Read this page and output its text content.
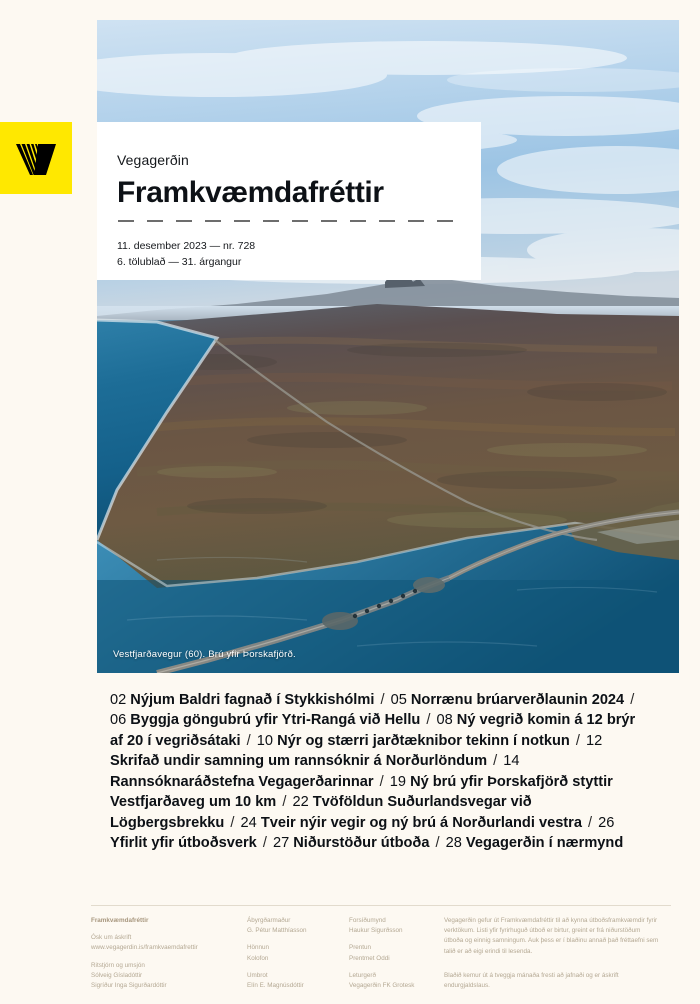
Vestfjarðavegur (60). Brú yfir Þorskafjörð.
Vegagerðin
Framkvæmdafréttir
11. desember 2023 — nr. 728
6. tölublað — 31. árgangur
02 Nýjum Baldri fagnað í Stykkishólmi / 05 Norrænu brúarverðlaunin 2024 / 06 Byggja göngubrú yfir Ytri-Rangá við Hellu / 08 Ný vegrið komin á 12 brýr af 20 í vegriðsátaki / 10 Nýr og stærri jarðtæknibor tekinn í notkun / 12 Skrifað undir samning um rannsóknir á Norðurlöndum / 14 Rannsóknaráðstefna Vegagerðarinnar / 19 Ný brú yfir Þorskafjörð styttir Vestfjarðaveg um 10 km / 22 Tvöföldun Suðurlandsvegar við Lögbergsbrekku / 24 Tveir nýir vegir og ný brú á Norðurlandi vestra / 26 Yfirlit yfir útboðsverk / 27 Niðurstöður útboða / 28 Vegagerðin í nærmynd
Framkvæmdafréttir
Ósk um áskrift
www.vegagerdin.is/framkvaemdafrettir
Ritstjórn og umsjón
Sólveig Gísladóttir
Sigríður Inga Sigurðardóttir
Ábyrgðarmaður
G. Pétur Matthíasson
Hönnun
Kolofon
Umbrot
Elín E. Magnúsdóttir
Forsíðumynd
Haukur Sigurðsson
Prentun
Prentmet Oddi
Leturgerð
Vegagerðin FK Grotesk
Vegagerðin gefur út Framkvæmdafréttir til að kynna útboðsframkvæmdir fyrir verktökum. Listi yfir fyrirhuguð útboð er birtur, greint er frá niðurstöðum útboða og einnig samningum. Auk þess er í blaðinu annað það fréttaefni sem talið er að eigi erindi til lesenda.
Blaðið kemur út á tveggja mánaða fresti að jafnaði og er áskrift endurgjaldslaus.
